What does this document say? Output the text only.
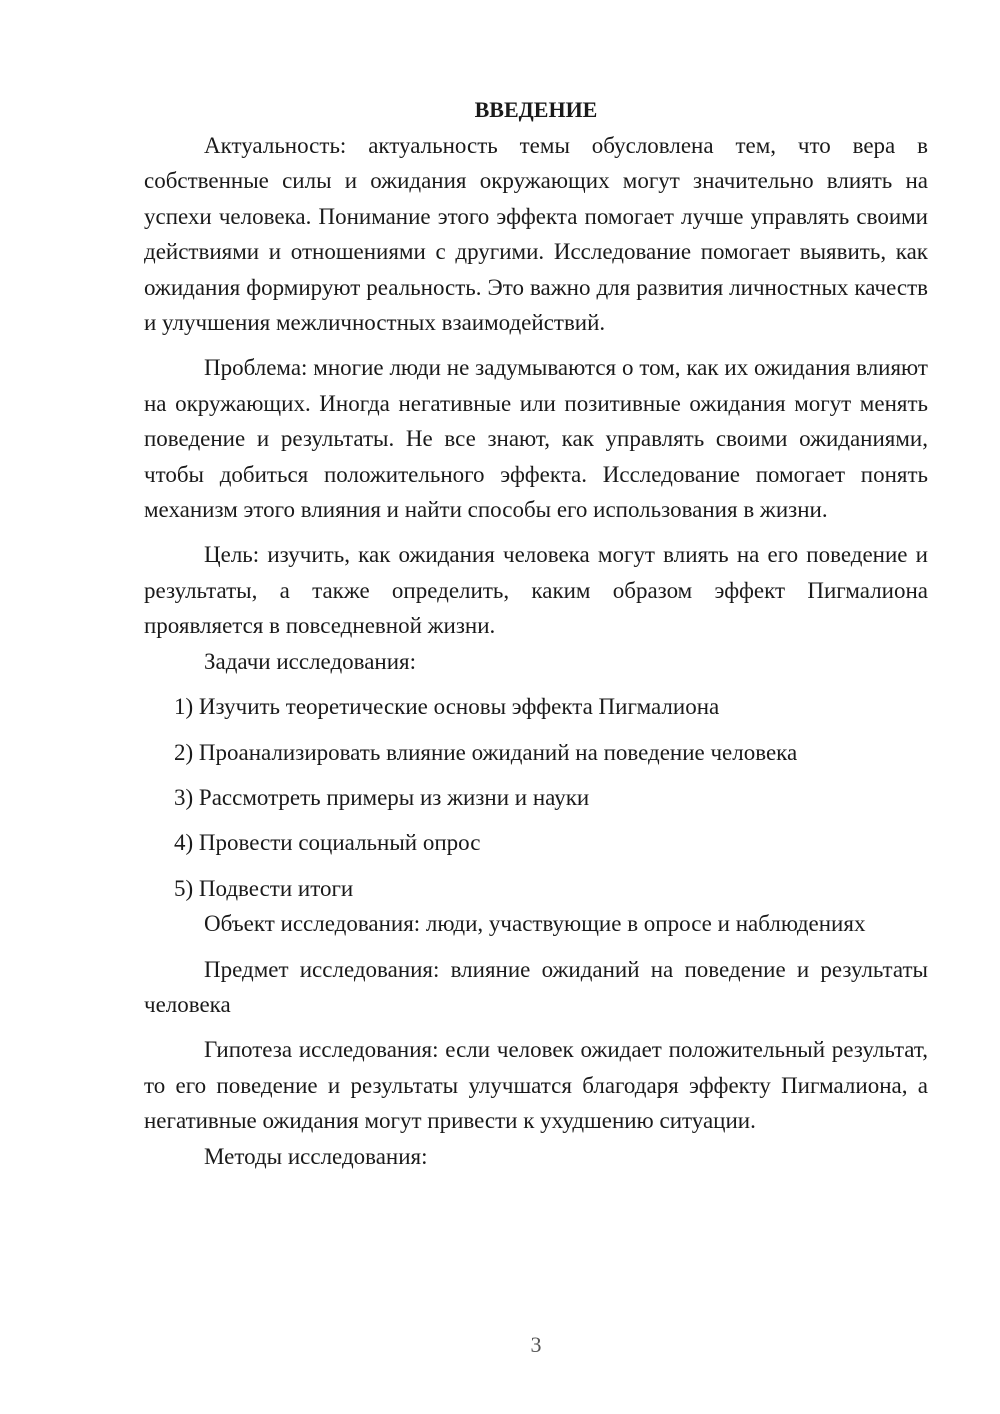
ВВЕДЕНИЕ

Актуальность: актуальность темы обусловлена тем, что вера в собственные силы и ожидания окружающих могут значительно влиять на успехи человека. Понимание этого эффекта помогает лучше управлять своими действиями и отношениями с другими. Исследование помогает выявить, как ожидания формируют реальность. Это важно для развития личностных качеств и улучшения межличностных взаимодействий.

Проблема: многие люди не задумываются о том, как их ожидания влияют на окружающих. Иногда негативные или позитивные ожидания могут менять поведение и результаты. Не все знают, как управлять своими ожиданиями, чтобы добиться положительного эффекта. Исследование помогает понять механизм этого влияния и найти способы его использования в жизни.

Цель: изучить, как ожидания человека могут влиять на его поведение и результаты, а также определить, каким образом эффект Пигмалиона проявляется в повседневной жизни.

Задачи исследования:

1) Изучить теоретические основы эффекта Пигмалиона

2) Проанализировать влияние ожиданий на поведение человека

3) Рассмотреть примеры из жизни и науки

4) Провести социальный опрос

5) Подвести итоги

Объект исследования: люди, участвующие в опросе и наблюдениях

Предмет исследования: влияние ожиданий на поведение и результаты человека

Гипотеза исследования: если человек ожидает положительный результат, то его поведение и результаты улучшатся благодаря эффекту Пигмалиона, а негативные ожидания могут привести к ухудшению ситуации.

Методы исследования:

3
